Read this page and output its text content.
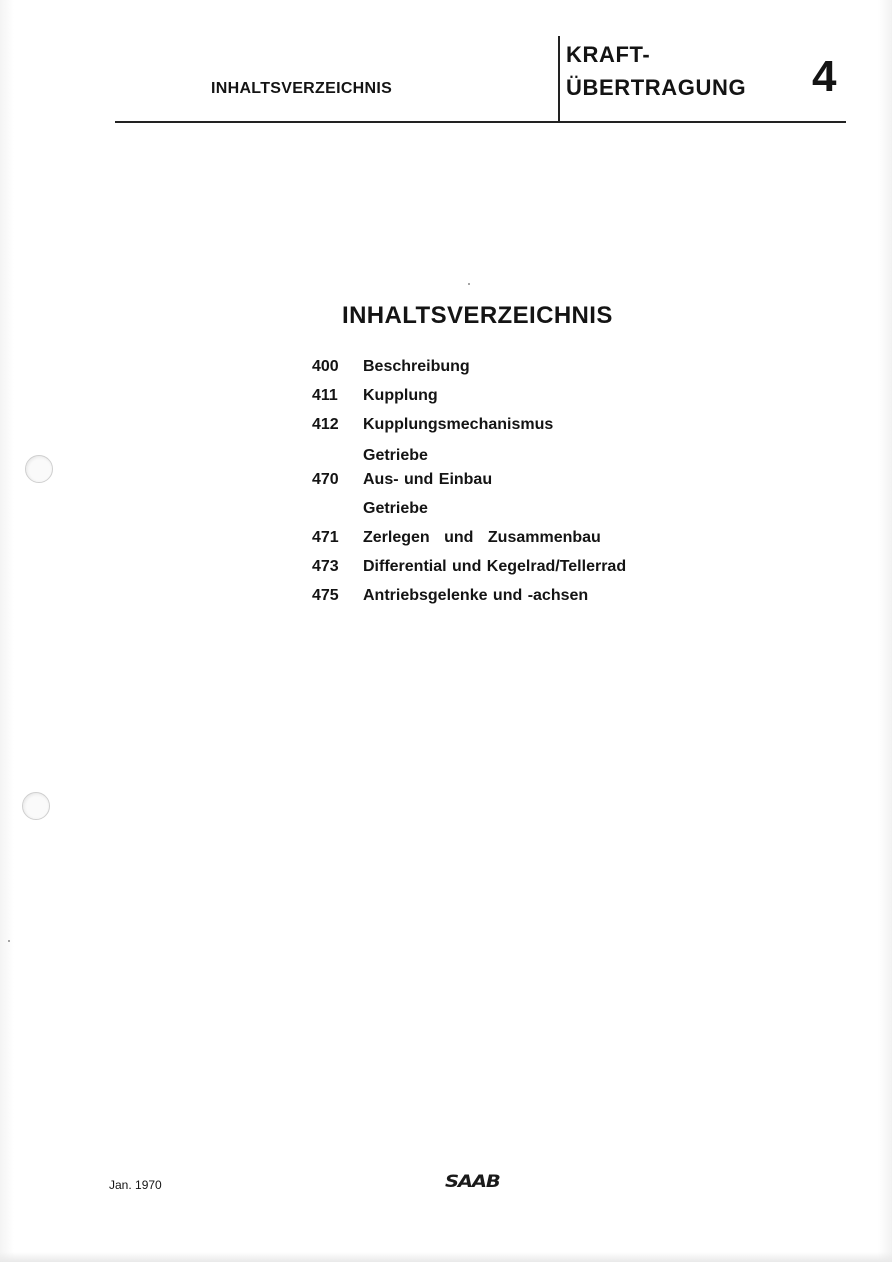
INHALTSVERZEICHNIS
KRAFT-
ÜBERTRAGUNG 4
INHALTSVERZEICHNIS
400	Beschreibung
411	Kupplung
412	Kupplungsmechanismus
Getriebe
470	Aus- und Einbau
Getriebe
471	Zerlegen und Zusammenbau
473	Differential und Kegelrad/Tellerrad
475	Antriebsgelenke und -achsen
Jan. 1970	SAAB
